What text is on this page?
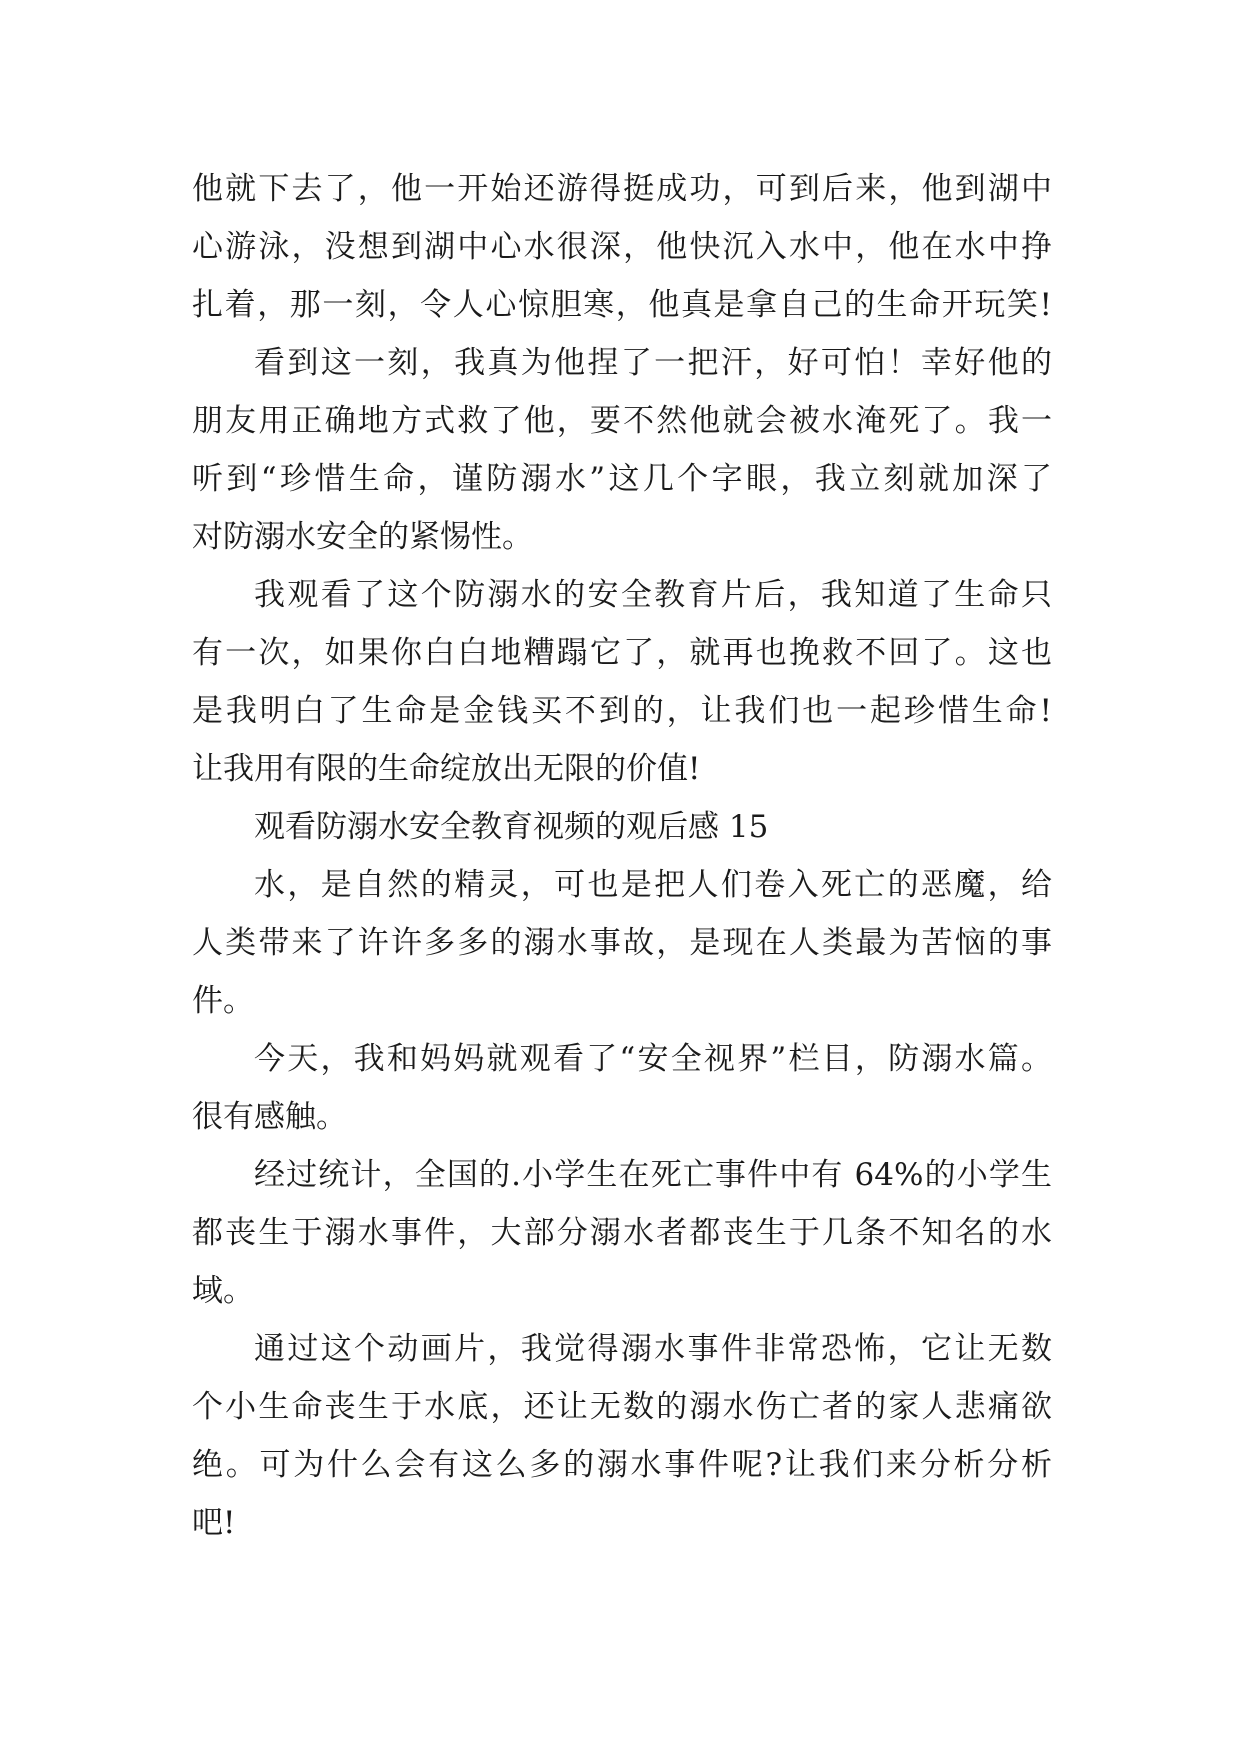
他就下去了，他一开始还游得挺成功，可到后来，他到湖中
心游泳，没想到湖中心水很深，他快沉入水中，他在水中挣
扎着，那一刻，令人心惊胆寒，他真是拿自己的生命开玩笑!
看到这一刻，我真为他捏了一把汗，好可怕！幸好他的
朋友用正确地方式救了他，要不然他就会被水淹死了。我一
听到“珍惜生命，谨防溺水”这几个字眼，我立刻就加深了
对防溺水安全的紧惕性。
我观看了这个防溺水的安全教育片后，我知道了生命只
有一次，如果你白白地糟蹋它了，就再也挽救不回了。这也
是我明白了生命是金钱买不到的，让我们也一起珍惜生命!
让我用有限的生命绽放出无限的价值!
观看防溺水安全教育视频的观后感 15
水，是自然的精灵，可也是把人们卷入死亡的恶魔，给
人类带来了许许多多的溺水事故，是现在人类最为苦恼的事
件。
今天，我和妈妈就观看了“安全视界”栏目，防溺水篇。
很有感触。
经过统计，全国的.小学生在死亡事件中有 64%的小学生
都丧生于溺水事件，大部分溺水者都丧生于几条不知名的水
域。
通过这个动画片，我觉得溺水事件非常恐怖，它让无数
个小生命丧生于水底，还让无数的溺水伤亡者的家人悲痛欲
绝。可为什么会有这么多的溺水事件呢?让我们来分析分析
吧!
